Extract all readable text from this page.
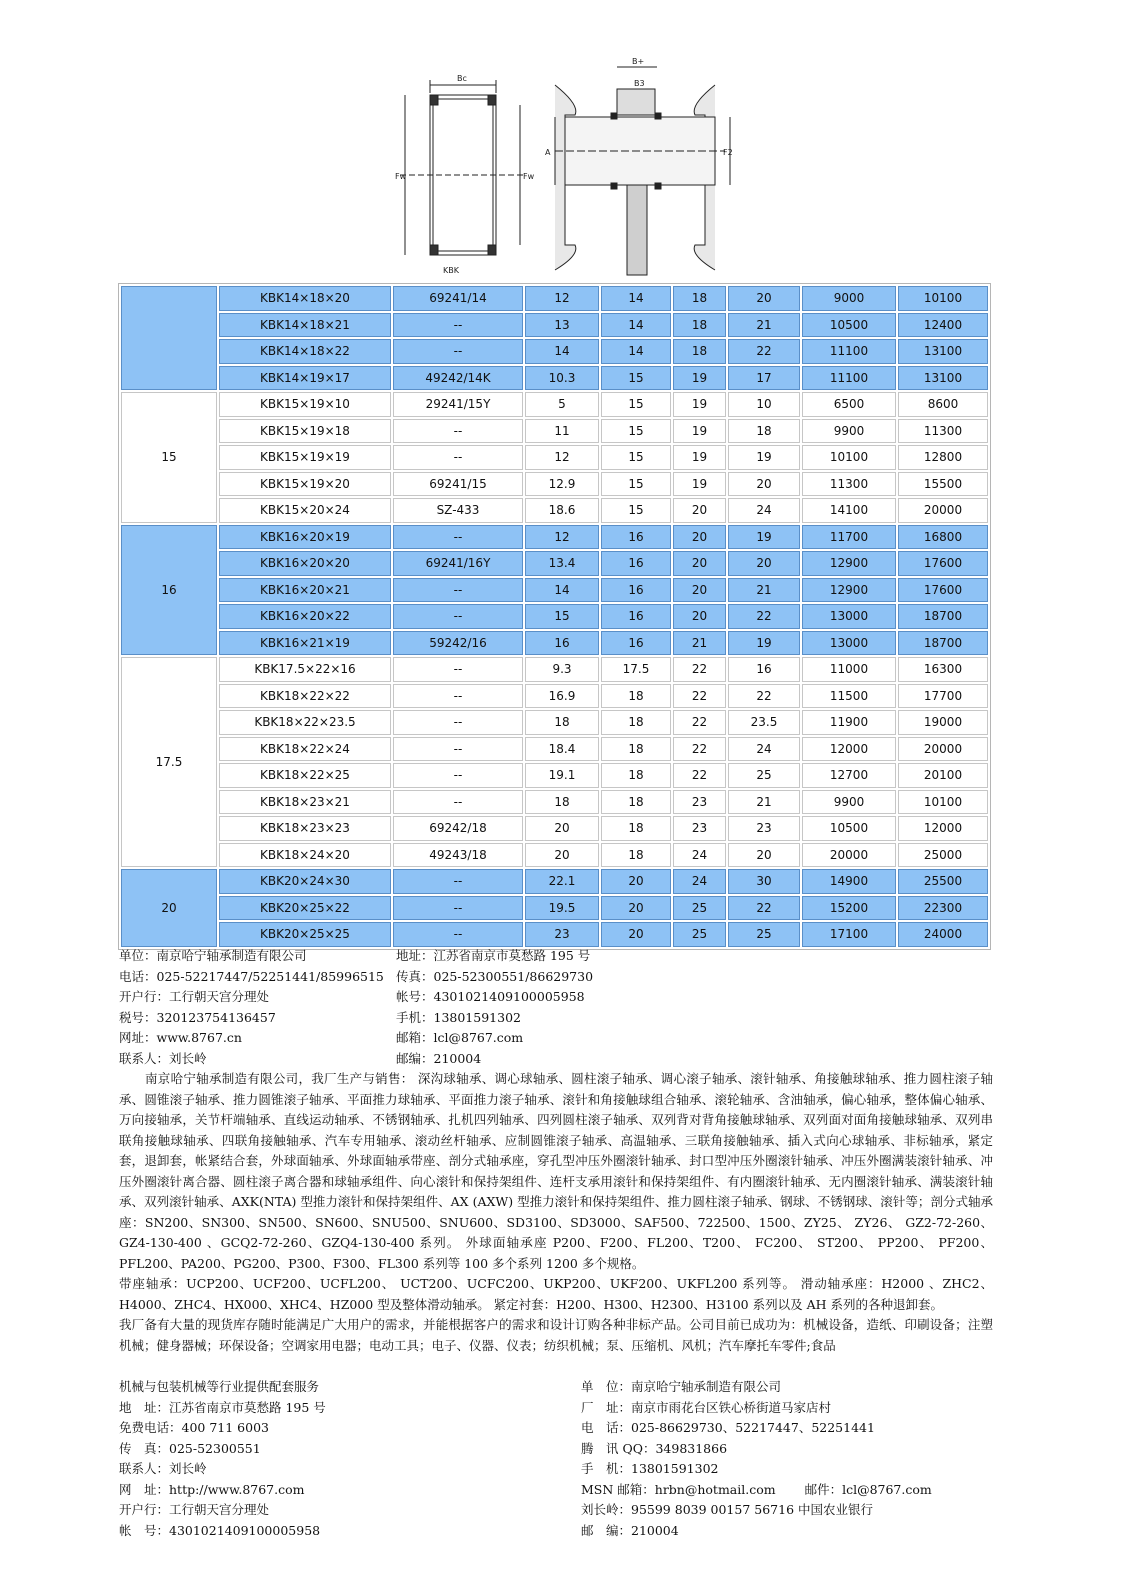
Bc
Fw	Fw
KBK
B+
B3
A	F2
	KBK14×18×20	69241/14	12	14	18	20	9000	10100
	KBK14×18×21	--	13	14	18	21	10500	12400
	KBK14×18×22	--	14	14	18	22	11100	13100
	KBK14×19×17	49242/14K	10.3	15	19	17	11100	13100
15	KBK15×19×10	29241/15Y	5	15	19	10	6500	8600
	KBK15×19×18	--	11	15	19	18	9900	11300
	KBK15×19×19	--	12	15	19	19	10100	12800
	KBK15×19×20	69241/15	12.9	15	19	20	11300	15500
	KBK15×20×24	SZ-433	18.6	15	20	24	14100	20000
16	KBK16×20×19	--	12	16	20	19	11700	16800
	KBK16×20×20	69241/16Y	13.4	16	20	20	12900	17600
	KBK16×20×21	--	14	16	20	21	12900	17600
	KBK16×20×22	--	15	16	20	22	13000	18700
	KBK16×21×19	59242/16	16	16	21	19	13000	18700
17.5	KBK17.5×22×16	--	9.3	17.5	22	16	11000	16300
	KBK18×22×22	--	16.9	18	22	22	11500	17700
	KBK18×22×23.5	--	18	18	22	23.5	11900	19000
	KBK18×22×24	--	18.4	18	22	24	12000	20000
	KBK18×22×25	--	19.1	18	22	25	12700	20100
	KBK18×23×21	--	18	18	23	21	9900	10100
	KBK18×23×23	69242/18	20	18	23	23	10500	12000
	KBK18×24×20	49243/18	20	18	24	20	20000	25000
20	KBK20×24×30	--	22.1	20	24	30	14900	25500
	KBK20×25×22	--	19.5	20	25	22	15200	22300
	KBK20×25×25	--	23	20	25	25	17100	24000
单位：南京哈宁轴承制造有限公司	地址：江苏省南京市莫愁路 195 号
电话：025-52217447/52251441/85996515 传真：025-52300551/86629730
开户行：工行朝天宫分理处	帐号：4301021409100005958
税号：320123754136457	手机：13801591302
网址：www.8767.cn	邮箱：lcl@8767.com
联系人：刘长岭	邮编：210004

南京哈宁轴承制造有限公司，我厂生产与销售： 深沟球轴承、调心球轴承、圆柱滚子轴承、调心滚子轴承、滚针轴承、角接触球轴承、推力圆柱滚子轴承、圆锥滚子轴承、推力圆锥滚子轴承、平面推力球轴承、平面推力滚子轴承、滚针和角接触球组合轴承、滚轮轴承、含油轴承，偏心轴承，整体偏心轴承、万向接轴承，关节杆端轴承、直线运动轴承、不锈钢轴承、扎机四列轴承、四列圆柱滚子轴承、双列背对背角接触球轴承、双列面对面角接触球轴承、双列串联角接触球轴承、四联角接触轴承、汽车专用轴承、滚动丝杆轴承、应制圆锥滚子轴承、高温轴承、三联角接触轴承、插入式向心球轴承、非标轴承，紧定套，退卸套，帐紧结合套，外球面轴承、外球面轴承带座、剖分式轴承座，穿孔型冲压外圈滚针轴承、封口型冲压外圈滚针轴承、冲压外圈满装滚针轴承、冲压外圈滚针离合器、圆柱滚子离合器和球轴承组件、向心滚针和保持架组件、连杆支承用滚针和保持架组件、有内圈滚针轴承、无内圈滚针轴承、满装滚针轴承、双列滚针轴承、AXK(NTA) 型推力滚针和保持架组件、AX (AXW) 型推力滚针和保持架组件、推力圆柱滚子轴承、钢球、不锈钢球、滚针等；剖分式轴承座：SN200、SN300、SN500、SN600、SNU500、SNU600、SD3100、SD3000、SAF500、722500、1500、ZY25、 ZY26、 GZ2-72-260、 GZ4-130-400 、GCQ2-72-260、GZQ4-130-400 系列。 外球面轴承座 P200、F200、FL200、T200、 FC200、 ST200、 PP200、 PF200、 PFL200、PA200、PG200、P300、F300、FL300 系列等 100 多个系列 1200 多个规格。

带座轴承：UCP200、UCF200、UCFL200、 UCT200、UCFC200、UKP200、UKF200、UKFL200 系列等。 滑动轴承座：H2000 、ZHC2、H4000、ZHC4、HX000、XHC4、HZ000 型及整体滑动轴承。 紧定衬套：H200、H300、H2300、H3100 系列以及 AH 系列的各种退卸套。

我厂备有大量的现货库存随时能满足广大用户的需求，并能根据客户的需求和设计订购各种非标产品。公司目前已成功为：机械设备，造纸、印刷设备；注塑机械；健身器械；环保设备；空调家用电器；电动工具；电子、仪器、仪表；纺织机械；泵、压缩机、风机；汽车摩托车零件;食品

机械与包装机械等行业提供配套服务	单　位：南京哈宁轴承制造有限公司
地　址：江苏省南京市莫愁路 195 号	厂　址：南京市雨花台区铁心桥街道马家店村
免费电话：400 711 6003	电　话：025-86629730、52217447、52251441
传　真：025-52300551	腾　讯 QQ：349831866
联系人：刘长岭	手　机：13801591302
网　址：http://www.8767.com	MSN 邮箱：hrbn@hotmail.com　　 邮件：lcl@8767.com
开户行：工行朝天宫分理处	刘长岭：95599 8039 00157 56716 中国农业银行
帐　号：4301021409100005958	邮　编：210004
